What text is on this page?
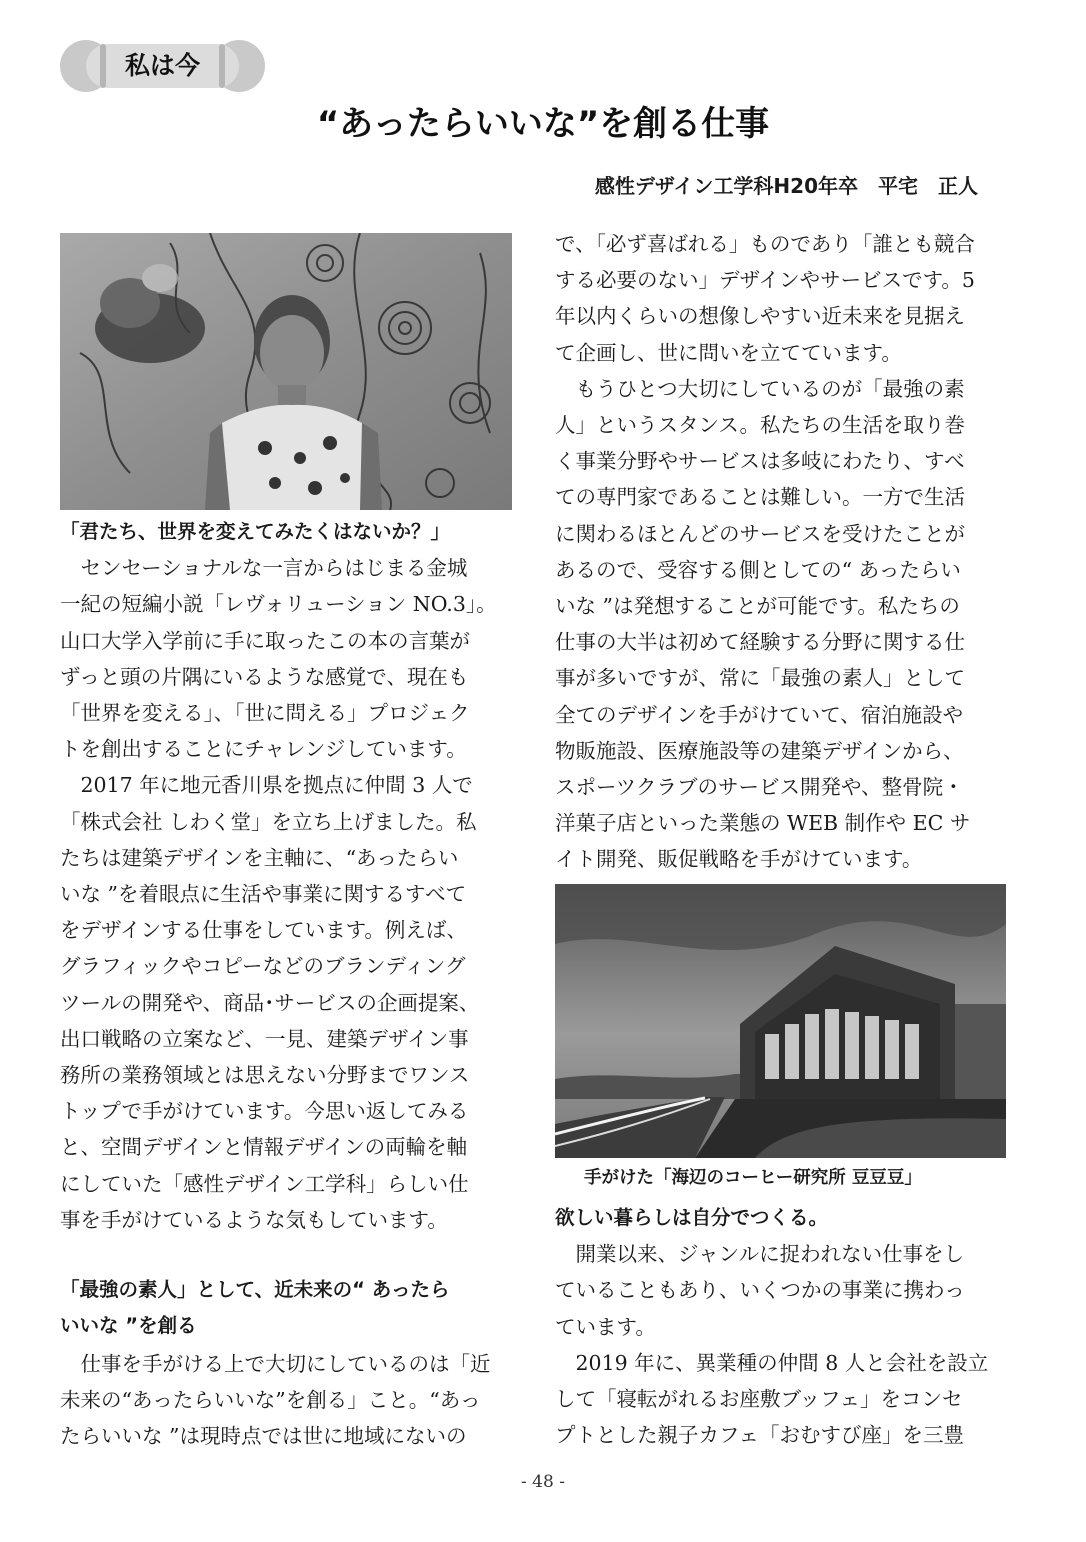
私は今
“あったらいいな”を創る仕事
感性デザイン工学科H20年卒　平宅　正人
「君たち、世界を変えてみたくはないか？」
　センセーショナルな一言からはじまる金城
一紀の短編小説「レヴォリューション NO.3」。
山口大学入学前に手に取ったこの本の言葉が
ずっと頭の片隅にいるような感覚で、現在も
「世界を変える」、「世に問える」プロジェク
トを創出することにチャレンジしています。
　2017 年に地元香川県を拠点に仲間 3 人で
「株式会社 しわく堂」を立ち上げました。私
たちは建築デザインを主軸に、“あったらい
いな ”を着眼点に生活や事業に関するすべて
をデザインする仕事をしています。例えば、
グラフィックやコピーなどのブランディング
ツールの開発や、商品･サービスの企画提案、
出口戦略の立案など、一見、建築デザイン事
務所の業務領域とは思えない分野までワンス
トップで手がけています。今思い返してみる
と、空間デザインと情報デザインの両輪を軸
にしていた「感性デザイン工学科」らしい仕
事を手がけているような気もしています。
「最強の素人」として、近未来の“ あったら
いいな ”を創る
　仕事を手がける上で大切にしているのは「近
未来の“あったらいいな”を創る」こと。“あっ
たらいいな ”は現時点では世に地域にないの
で、「必ず喜ばれる」ものであり「誰とも競合
する必要のない」デザインやサービスです。5
年以内くらいの想像しやすい近未来を見据え
て企画し、世に問いを立てています。
　もうひとつ大切にしているのが「最強の素
人」というスタンス。私たちの生活を取り巻
く事業分野やサービスは多岐にわたり、すべ
ての専門家であることは難しい。一方で生活
に関わるほとんどのサービスを受けたことが
あるので、受容する側としての“ あったらい
いな ”は発想することが可能です。私たちの
仕事の大半は初めて経験する分野に関する仕
事が多いですが、常に「最強の素人」として
全てのデザインを手がけていて、宿泊施設や
物販施設、医療施設等の建築デザインから、
スポーツクラブのサービス開発や、整骨院・
洋菓子店といった業態の WEB 制作や EC サ
イト開発、販促戦略を手がけています。
手がけた「海辺のコーヒー研究所 豆豆豆」
欲しい暮らしは自分でつくる。
　開業以来、ジャンルに捉われない仕事をし
ていることもあり、いくつかの事業に携わっ
ています。
　2019 年に、異業種の仲間 8 人と会社を設立
して「寝転がれるお座敷ブッフェ」をコンセ
プトとした親子カフェ「おむすび座」を三豊
- 48 -
